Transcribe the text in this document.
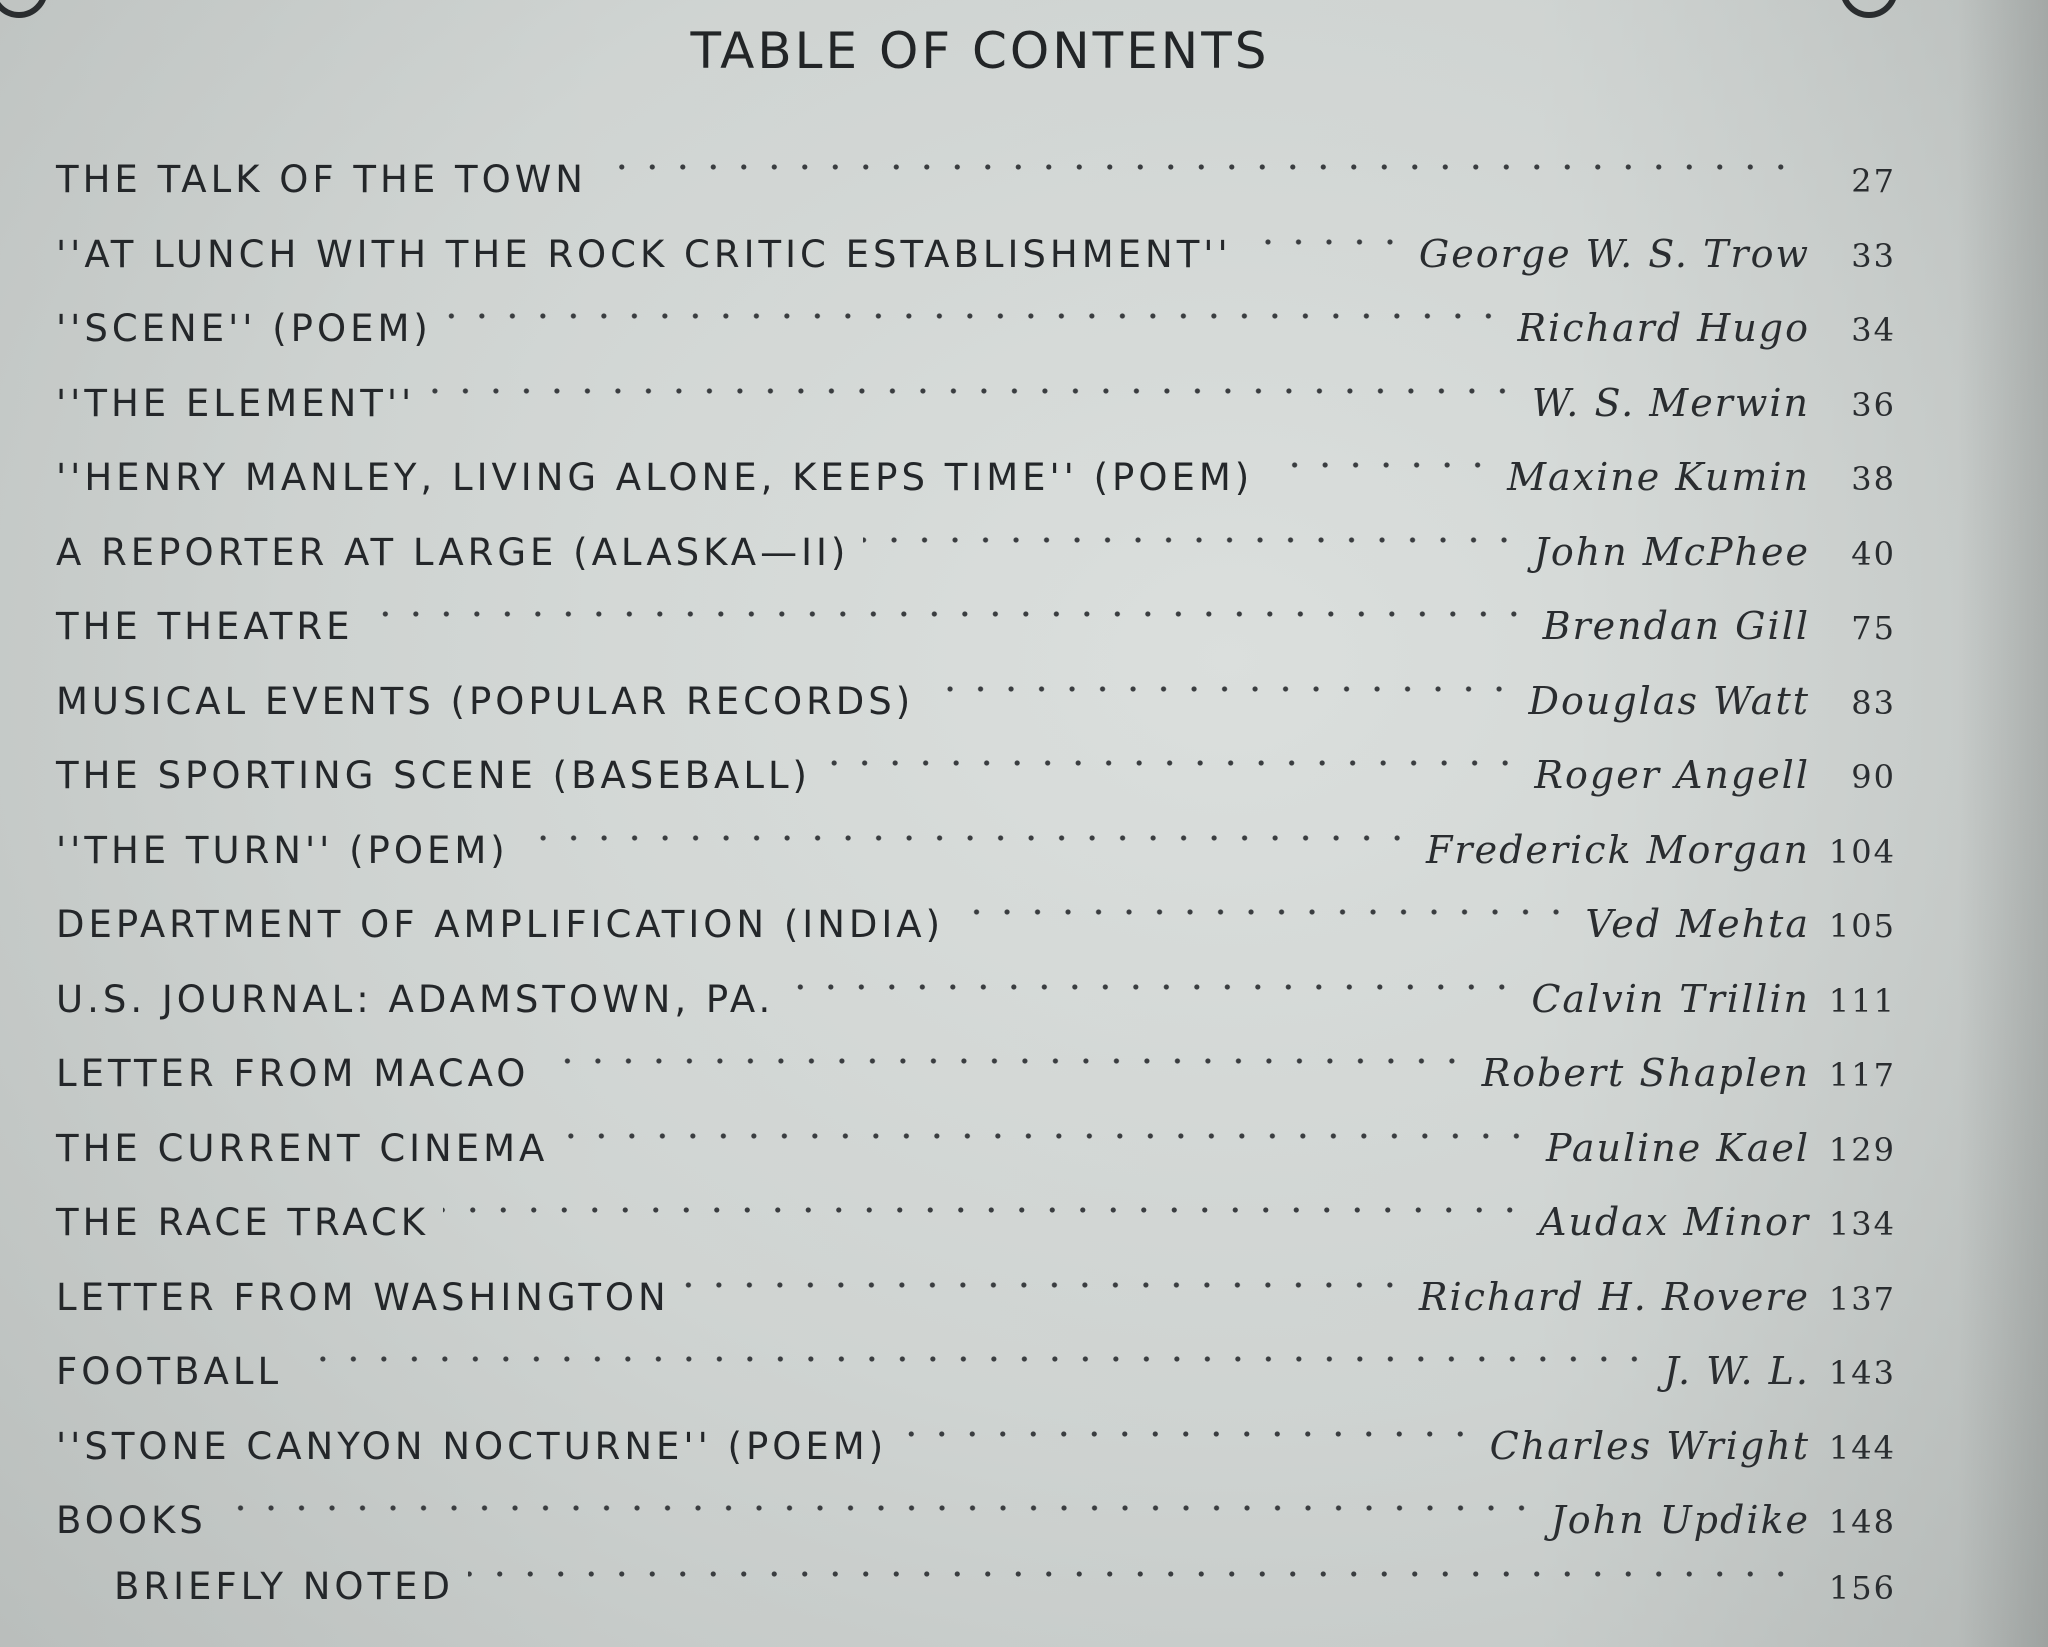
TABLE OF CONTENTS
THE TALK OF THE TOWN	27
''AT LUNCH WITH THE ROCK CRITIC ESTABLISHMENT''	George W. S. Trow	33
''SCENE'' (POEM)	Richard Hugo	34
''THE ELEMENT''	W. S. Merwin	36
''HENRY MANLEY, LIVING ALONE, KEEPS TIME'' (POEM)	Maxine Kumin	38
A REPORTER AT LARGE (ALASKA—II)	John McPhee	40
THE THEATRE	Brendan Gill	75
MUSICAL EVENTS (POPULAR RECORDS)	Douglas Watt	83
THE SPORTING SCENE (BASEBALL)	Roger Angell	90
''THE TURN'' (POEM)	Frederick Morgan 104
DEPARTMENT OF AMPLIFICATION (INDIA)	Ved Mehta 105
U.S. JOURNAL: ADAMSTOWN, PA.	Calvin Trillin 111
LETTER FROM MACAO	Robert Shaplen 117
THE CURRENT CINEMA	Pauline Kael 129
THE RACE TRACK	Audax Minor 134
LETTER FROM WASHINGTON	Richard H. Rovere 137
FOOTBALL	J. W. L. 143
''STONE CANYON NOCTURNE'' (POEM)	Charles Wright 144
BOOKS	John Updike 148
BRIEFLY NOTED	156
